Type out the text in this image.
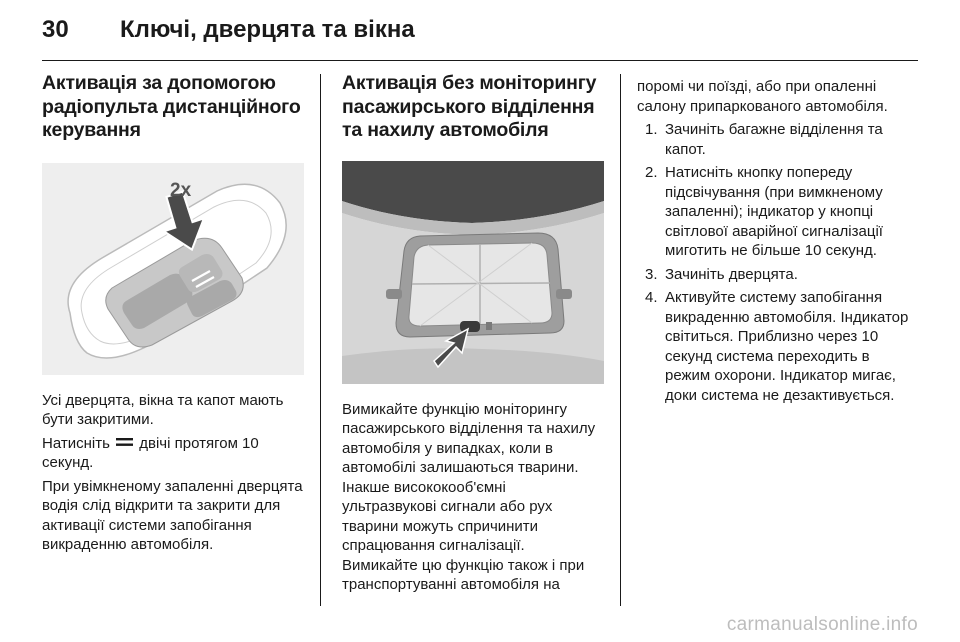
30 Ключі, дверцята та вікна
Активація за допомогою радіопульта дистанційного керування
2x

Усі дверцята, вікна та капот мають бути закритими.

Натисніть двічі протягом 10 секунд.

При увімкненому запаленні дверцята водія слід відкрити та закрити для активації системи запобігання викраденню автомобіля.

Активація без моніторингу пасажирського відділення та нахилу автомобіля

Вимикайте функцію моніторингу пасажирського відділення та нахилу автомобіля у випадках, коли в автомобілі залишаються тварини. Інакше висококооб'ємні ультразвукові сигнали або рух тварини можуть спричинити спрацювання сигналізації. Вимикайте цю функцію також і при транспортуванні автомобіля на

поромі чи поїзді, або при опаленні салону припаркованого автомобіля.

1. Зачиніть багажне відділення та капот.
2. Натисніть кнопку попереду підсвічування (при вимкненому запаленні); індикатор у кнопці світлової аварійної сигналізації миготить не більше 10 секунд.
3. Зачиніть дверцята.
4. Активуйте систему запобігання викраденню автомобіля. Індикатор світиться. Приблизно через 10 секунд система переходить в режим охорони. Індикатор мигає, доки система не дезактивується.
carmanualsonline.info
